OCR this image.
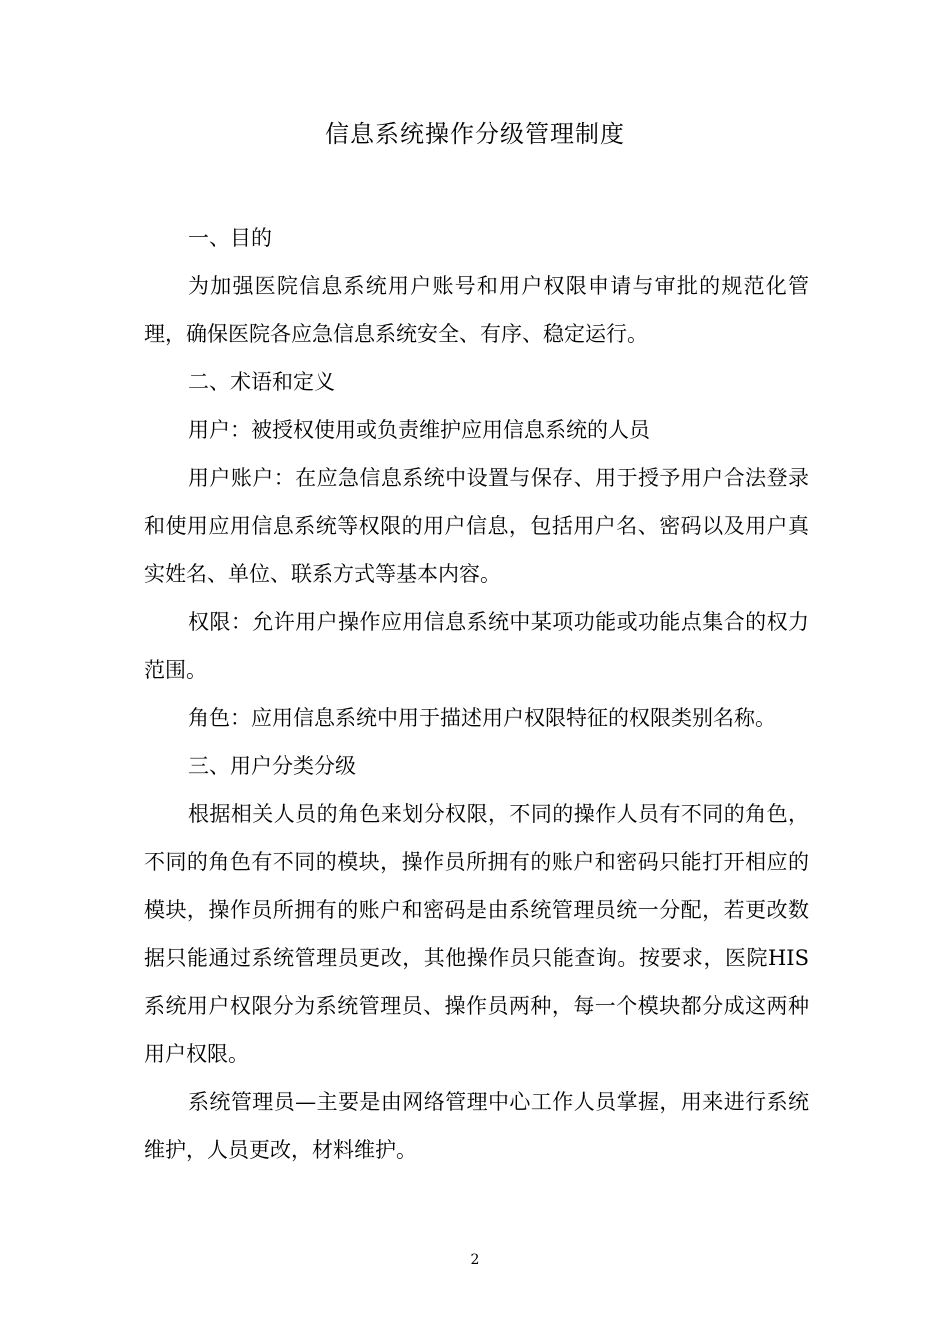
信息系统操作分级管理制度

一、目的

为加强医院信息系统用户账号和用户权限申请与审批的规范化管理，确保医院各应急信息系统安全、有序、稳定运行。

二、术语和定义

用户：被授权使用或负责维护应用信息系统的人员

用户账户：在应急信息系统中设置与保存、用于授予用户合法登录和使用应用信息系统等权限的用户信息，包括用户名、密码以及用户真实姓名、单位、联系方式等基本内容。

权限：允许用户操作应用信息系统中某项功能或功能点集合的权力范围。

角色：应用信息系统中用于描述用户权限特征的权限类别名称。

三、用户分类分级

根据相关人员的角色来划分权限，不同的操作人员有不同的角色，不同的角色有不同的模块，操作员所拥有的账户和密码只能打开相应的模块，操作员所拥有的账户和密码是由系统管理员统一分配，若更改数据只能通过系统管理员更改，其他操作员只能查询。按要求，医院HIS系统用户权限分为系统管理员、操作员两种，每一个模块都分成这两种用户权限。

系统管理员—主要是由网络管理中心工作人员掌握，用来进行系统维护，人员更改，材料维护。

2
